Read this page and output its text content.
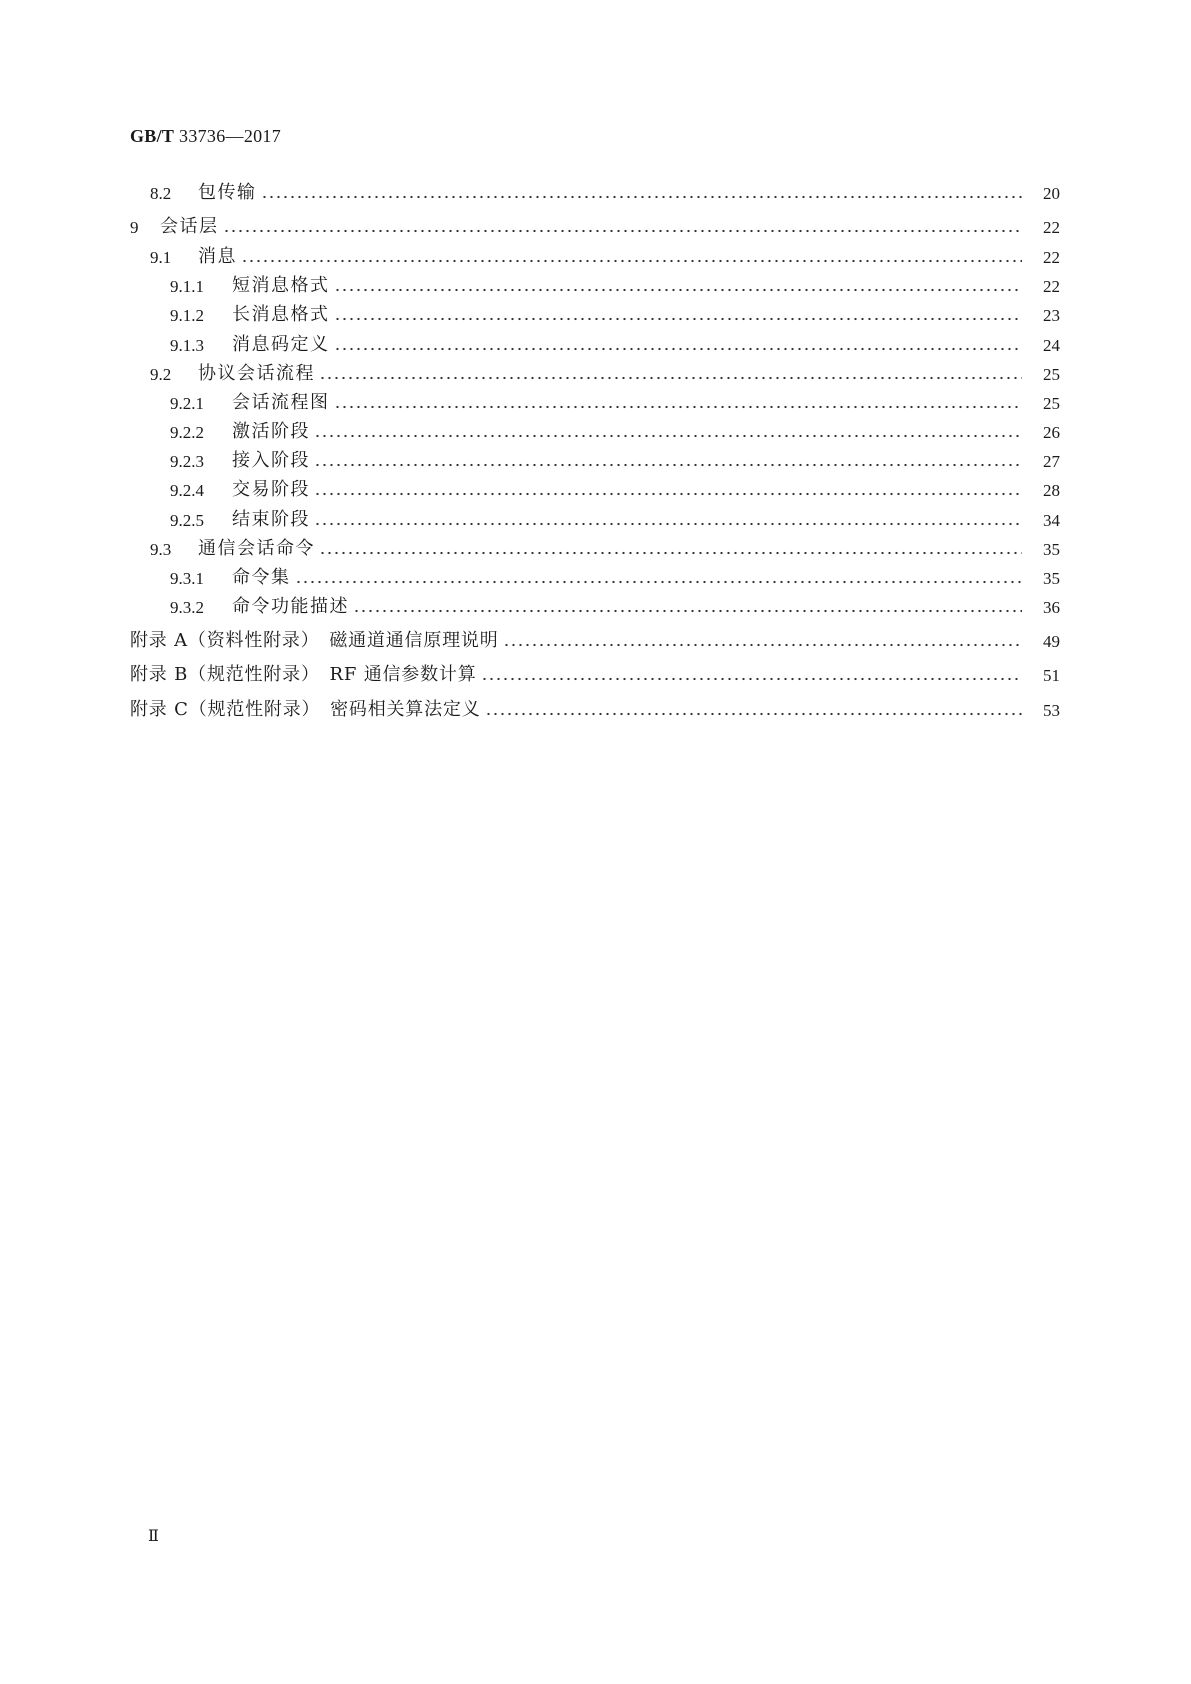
GB/T 33736—2017
8.2	包传输	20
9	会话层	22
9.1	消息	22
9.1.1	短消息格式	22
9.1.2	长消息格式	23
9.1.3	消息码定义	24
9.2	协议会话流程	25
9.2.1	会话流程图	25
9.2.2	激活阶段	26
9.2.3	接入阶段	27
9.2.4	交易阶段	28
9.2.5	结束阶段	34
9.3	通信会话命令	35
9.3.1	命令集	35
9.3.2	命令功能描述	36
附录 A（资料性附录）　磁通道通信原理说明	49
附录 B（规范性附录）　RF 通信参数计算	51
附录 C（规范性附录）　密码相关算法定义	53
Ⅱ
